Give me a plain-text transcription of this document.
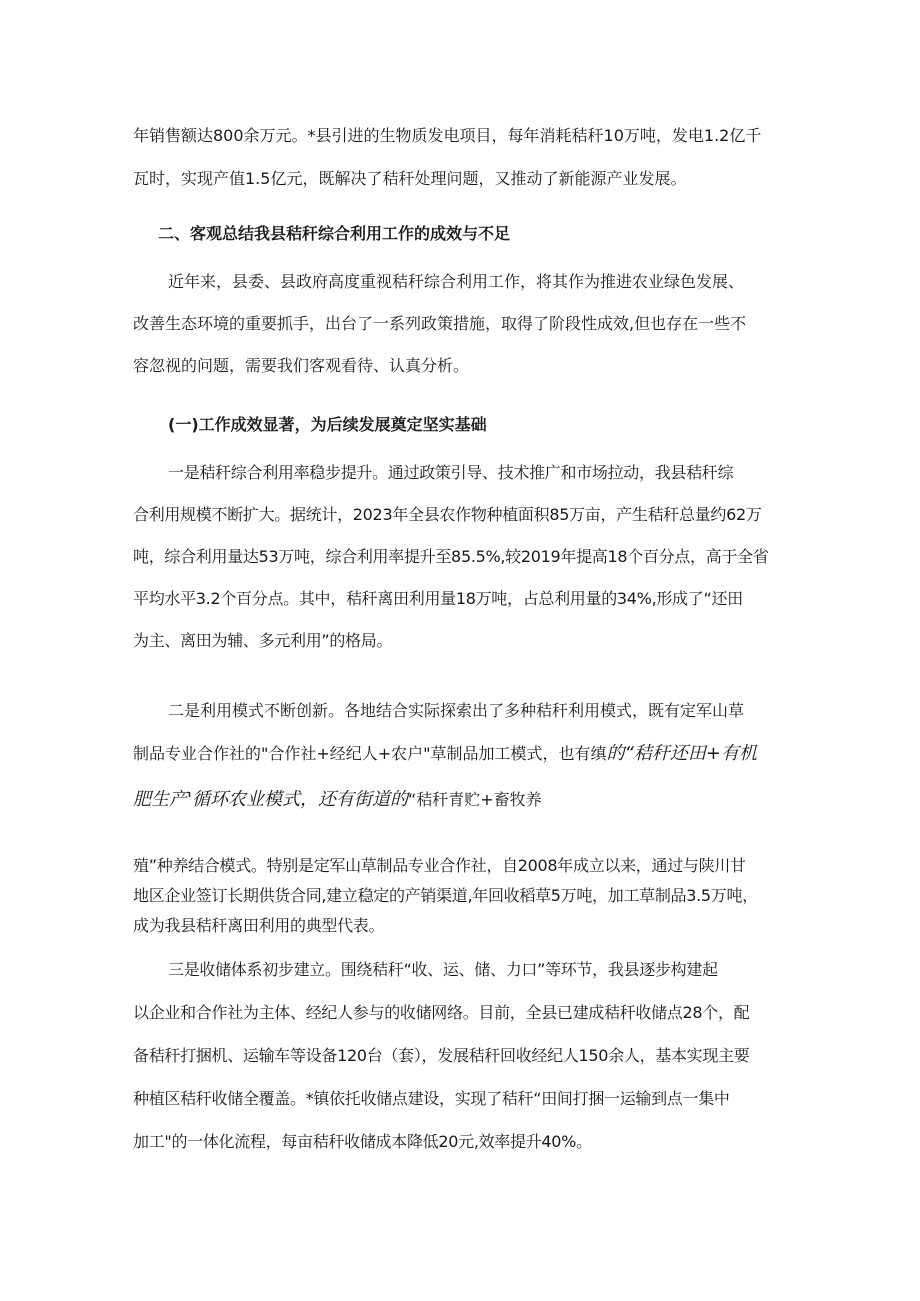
年销售额达800余万元。*县引进的生物质发电项目，每年消耗秸秆10万吨，发电1.2亿千
瓦时，实现产值1.5亿元，既解决了秸秆处理问题，又推动了新能源产业发展。
二、客观总结我县秸秆综合利用工作的成效与不足
近年来，县委、县政府高度重视秸秆综合利用工作，将其作为推进农业绿色发展、
改善生态环境的重要抓手，出台了一系列政策措施，取得了阶段性成效,但也存在一些不
容忽视的问题，需要我们客观看待、认真分析。
(一)工作成效显著，为后续发展奠定坚实基础
一是秸秆综合利用率稳步提升。通过政策引导、技术推广和市场拉动，我县秸秆综
合利用规模不断扩大。据统计，2023年全县农作物种植面积85万亩，产生秸秆总量约62万
吨，综合利用量达53万吨，综合利用率提升至85.5%,较2019年提高18个百分点，高于全省
平均水平3.2个百分点。其中，秸秆离田利用量18万吨，占总利用量的34%,形成了“还田
为主、离田为辅、多元利用”的格局。
二是利用模式不断创新。各地结合实际探索出了多种秸秆利用模式，既有定军山草
制品专业合作社的"合作社+经纪人+农户"草制品加工模式，也有缜的“秸秆还田+有机
肥生产'循环农业模式，还有街道的“秸秆青贮+畜牧养
殖”种养结合模式。特别是定军山草制品专业合作社，自2008年成立以来，通过与陕川甘
地区企业签订长期供货合同,建立稳定的产销渠道,年回收稻草5万吨，加工草制品3.5万吨，
成为我县秸秆离田利用的典型代表。
三是收储体系初步建立。围绕秸秆“收、运、储、力口”等环节，我县逐步构建起
以企业和合作社为主体、经纪人参与的收储网络。目前，全县已建成秸秆收储点28个，配
备秸秆打捆机、运输车等设备120台（套），发展秸秆回收经纪人150余人，基本实现主要
种植区秸秆收储全覆盖。*镇依托收储点建设，实现了秸秆“田间打捆一运输到点一集中
加工"的一体化流程，每亩秸秆收储成本降低20元,效率提升40%。
